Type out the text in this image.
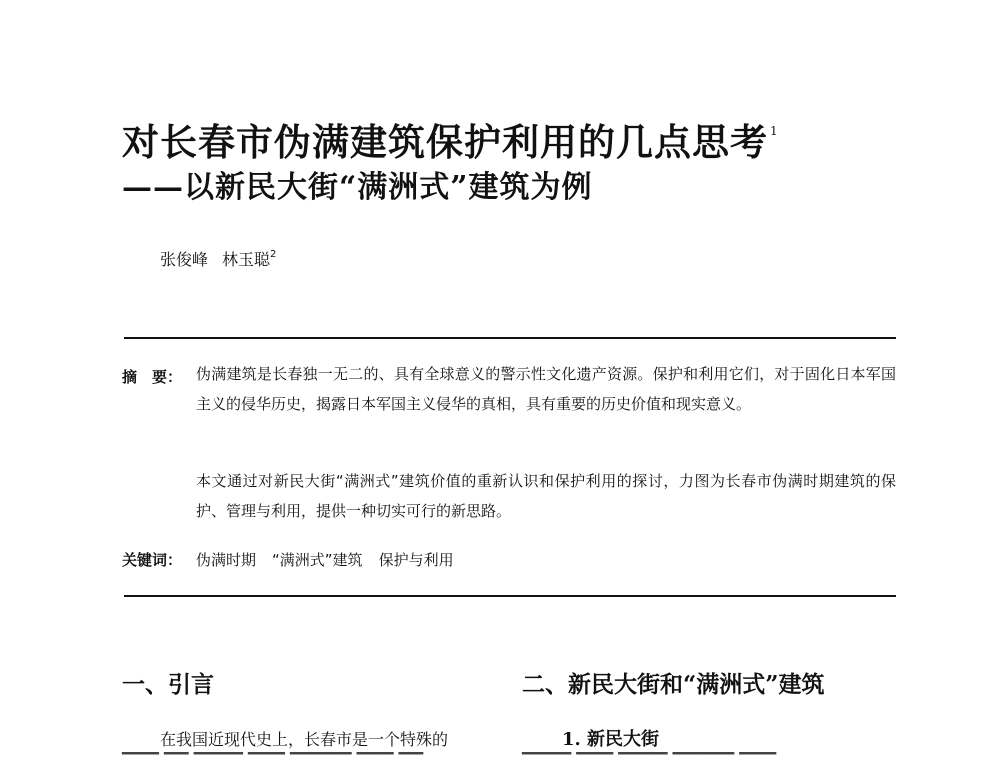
对长春市伪满建筑保护利用的几点思考 $^1$
——以新民大街“满洲式”建筑为例
张俊峰 林玉聪$^2$
摘　要： 伪满建筑是长春独一无二的、具有全球意义的警示性文化遗产资源。保护和利用它们，对于固化日本军国主义的侵华历史，揭露日本军国主义侵华的真相，具有重要的历史价值和现实意义。
本文通过对新民大街“满洲式”建筑价值的重新认识和保护利用的探讨，力图为长春市伪满时期建筑的保护、管理与利用，提供一种切实可行的新思路。
关键词： 伪满时期 “满洲式”建筑 保护与利用
一、引言	二、新民大街和“满洲式”建筑
在我国近现代史上，长春市是一个特殊的	1. 新民大街
▔▔▔ ▔▔ ▔▔▔▔ ▔▔▔ ▔▔▔▔▔ ▔▔▔ ▔▔	▔▔▔▔ ▔▔▔ ▔▔▔▔ ▔▔▔▔▔ ▔▔▔
